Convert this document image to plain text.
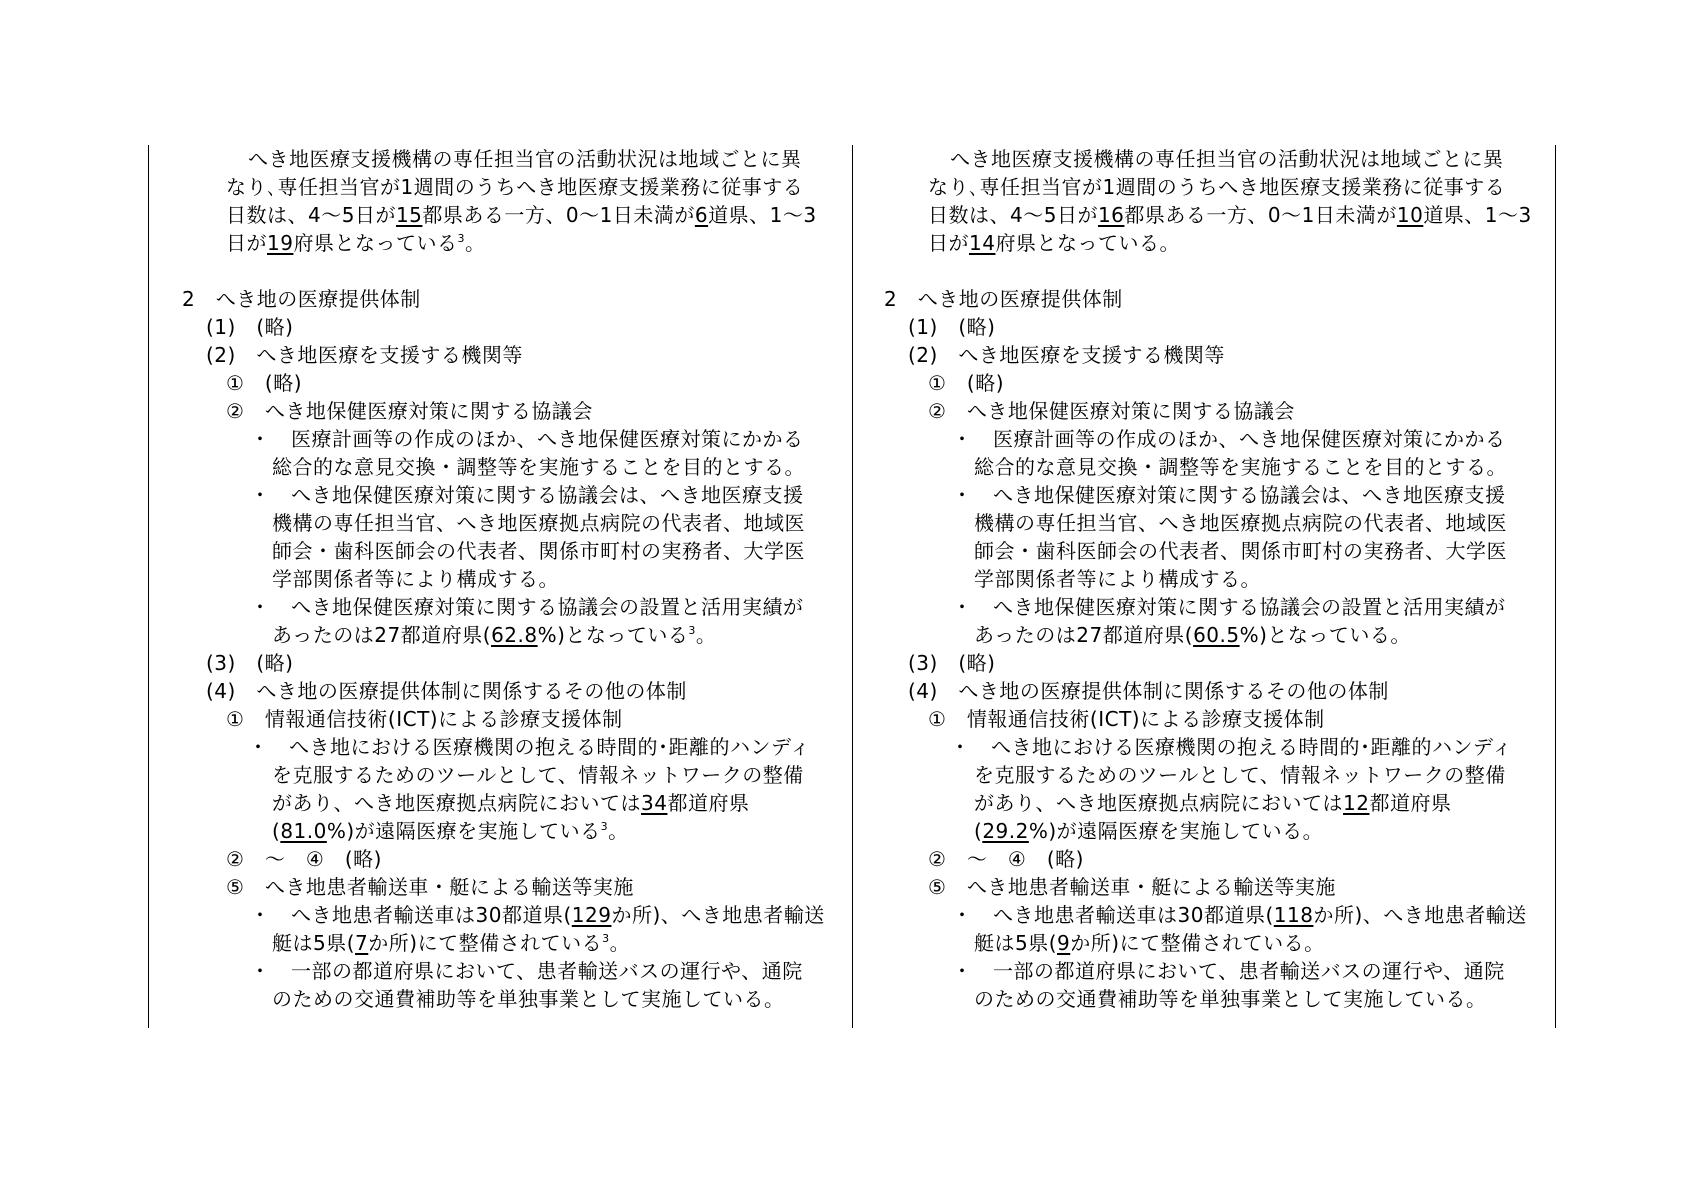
へき地医療支援機構の専任担当官の活動状況は地域ごとに異
なり､専任担当官が1週間のうちへき地医療支援業務に従事する
日数は、4～5日が15都県ある一方、0～1日未満が6道県、1～3
日が19府県となっている$^3$。
2　へき地の医療提供体制
(1)　(略)
(2)　へき地医療を支援する機関等
①　(略)
②　へき地保健医療対策に関する協議会
・　医療計画等の作成のほか、へき地保健医療対策にかかる
総合的な意見交換・調整等を実施することを目的とする。
・　へき地保健医療対策に関する協議会は、へき地医療支援
機構の専任担当官、へき地医療拠点病院の代表者、地域医
師会・歯科医師会の代表者、関係市町村の実務者、大学医
学部関係者等により構成する。
・　へき地保健医療対策に関する協議会の設置と活用実績が
あったのは27都道府県(62.8%)となっている$^3$。
(3)　(略)
(4)　へき地の医療提供体制に関係するその他の体制
①　情報通信技術(ICT)による診療支援体制
・　へき地における医療機関の抱える時間的･距離的ハンディ
を克服するためのツールとして、情報ネットワークの整備
があり、へき地医療拠点病院においては34都道府県
(81.0%)が遠隔医療を実施している$^3$。
②　～　④　(略)
⑤　へき地患者輸送車・艇による輸送等実施
・　へき地患者輸送車は30都道県(129か所)、へき地患者輸送
艇は5県(7か所)にて整備されている$^3$。
・　一部の都道府県において、患者輸送バスの運行や、通院
のための交通費補助等を単独事業として実施している。
へき地医療支援機構の専任担当官の活動状況は地域ごとに異
なり､専任担当官が1週間のうちへき地医療支援業務に従事する
日数は、4～5日が16都県ある一方、0～1日未満が10道県、1～3
日が14府県となっている。
2　へき地の医療提供体制
(1)　(略)
(2)　へき地医療を支援する機関等
①　(略)
②　へき地保健医療対策に関する協議会
・　医療計画等の作成のほか、へき地保健医療対策にかかる
総合的な意見交換・調整等を実施することを目的とする。
・　へき地保健医療対策に関する協議会は、へき地医療支援
機構の専任担当官、へき地医療拠点病院の代表者、地域医
師会・歯科医師会の代表者、関係市町村の実務者、大学医
学部関係者等により構成する。
・　へき地保健医療対策に関する協議会の設置と活用実績が
あったのは27都道府県(60.5%)となっている。
(3)　(略)
(4)　へき地の医療提供体制に関係するその他の体制
①　情報通信技術(ICT)による診療支援体制
・　へき地における医療機関の抱える時間的･距離的ハンディ
を克服するためのツールとして、情報ネットワークの整備
があり、へき地医療拠点病院においては12都道府県
(29.2%)が遠隔医療を実施している。
②　～　④　(略)
⑤　へき地患者輸送車・艇による輸送等実施
・　へき地患者輸送車は30都道県(118か所)、へき地患者輸送
艇は5県(9か所)にて整備されている。
・　一部の都道府県において、患者輸送バスの運行や、通院
のための交通費補助等を単独事業として実施している。
